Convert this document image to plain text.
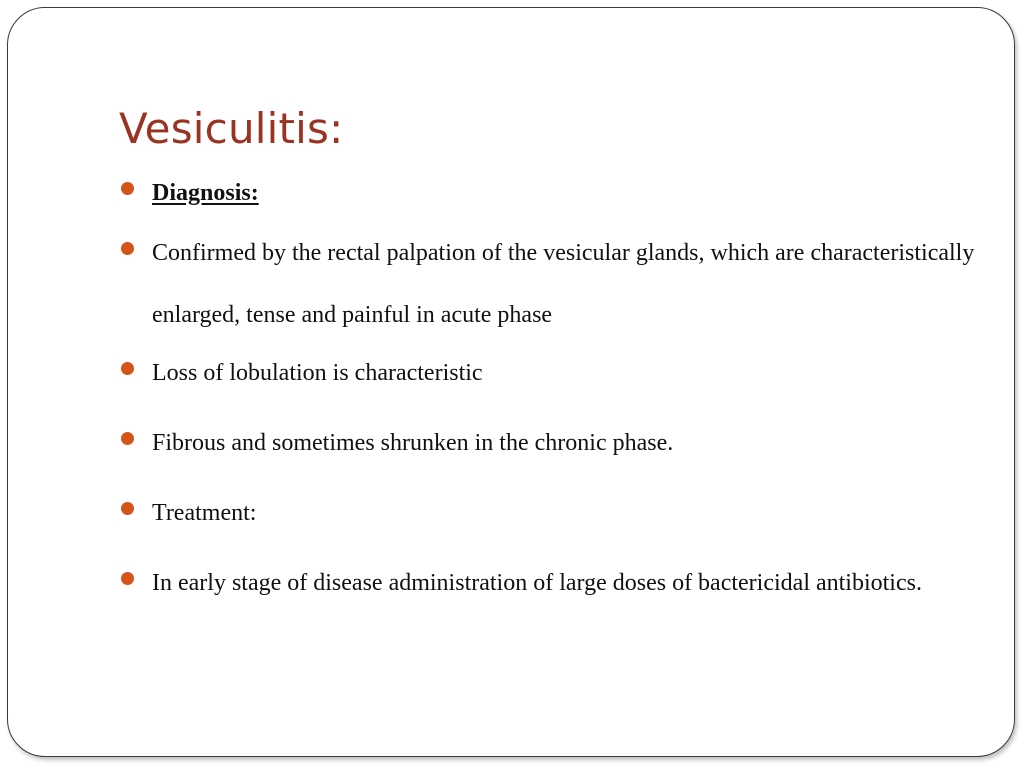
Vesiculitis:
Diagnosis:
Confirmed by the rectal palpation of the vesicular glands, which are characteristically enlarged, tense and painful in acute phase
Loss of lobulation is characteristic
Fibrous and sometimes shrunken in the chronic phase.
Treatment:
In early stage of disease administration of large doses of bactericidal antibiotics.
